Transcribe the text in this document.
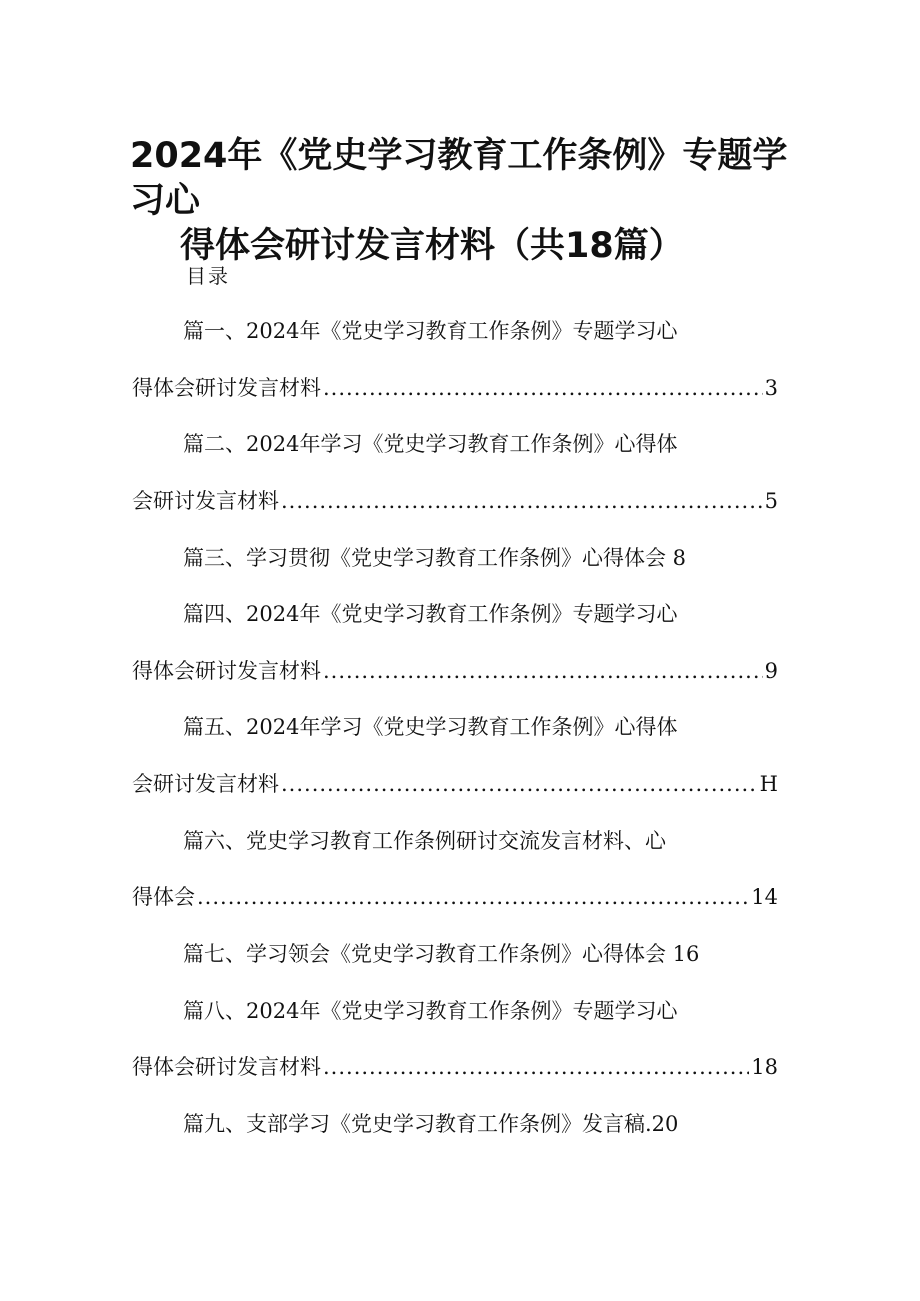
2024年《党史学习教育工作条例》专题学习心
得体会研讨发言材料（共18篇）
目录
篇一、2024年《党史学习教育工作条例》专题学习心
得体会研讨发言材料 .....	3
篇二、2024年学习《党史学习教育工作条例》心得体
会研讨发言材料 .....	5
篇三、学习贯彻《党史学习教育工作条例》心得体会 8
篇四、2024年《党史学习教育工作条例》专题学习心
得体会研讨发言材料 .....	9
篇五、2024年学习《党史学习教育工作条例》心得体
会研讨发言材料 .....	H
篇六、党史学习教育工作条例研讨交流发言材料、心
得体会 .....	14
篇七、学习领会《党史学习教育工作条例》心得体会 16
篇八、2024年《党史学习教育工作条例》专题学习心
得体会研讨发言材料 .....	18
篇九、支部学习《党史学习教育工作条例》发言稿.20
